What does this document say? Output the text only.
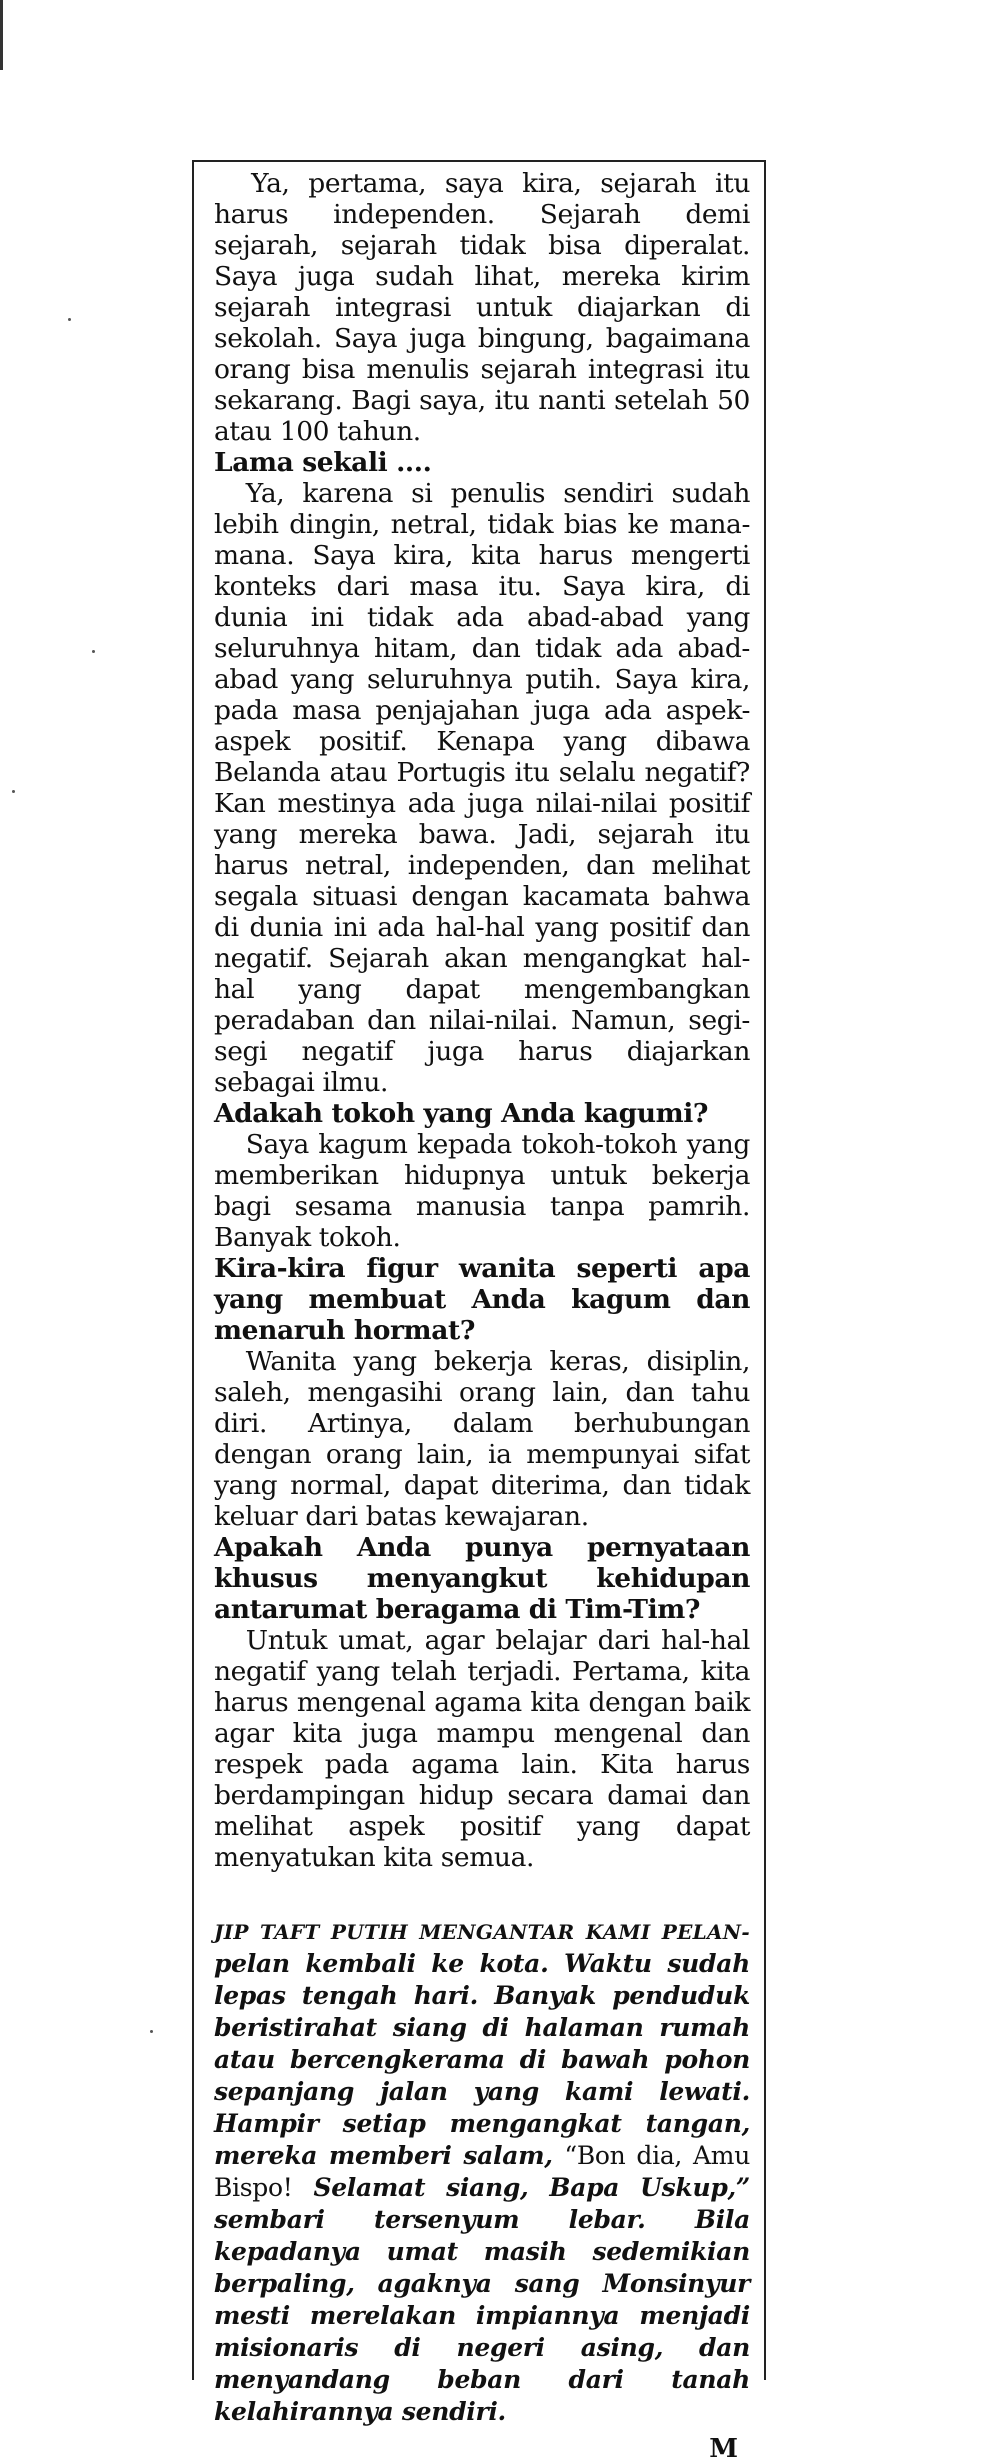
Ya, pertama, saya kira, sejarah itu harus independen. Sejarah demi sejarah, sejarah tidak bisa diperalat. Saya juga sudah lihat, mereka kirim sejarah integrasi untuk diajarkan di sekolah. Saya juga bingung, bagaimana orang bisa menulis sejarah integrasi itu sekarang. Bagi saya, itu nanti setelah 50 atau 100 tahun.

Lama sekali ....

Ya, karena si penulis sendiri sudah lebih dingin, netral, tidak bias ke mana-mana. Saya kira, kita harus mengerti konteks dari masa itu. Saya kira, di dunia ini tidak ada abad-abad yang seluruhnya hitam, dan tidak ada abad-abad yang seluruhnya putih. Saya kira, pada masa penjajahan juga ada aspek-aspek positif. Kenapa yang dibawa Belanda atau Portugis itu selalu negatif? Kan mestinya ada juga nilai-nilai positif yang mereka bawa. Jadi, sejarah itu harus netral, independen, dan melihat segala situasi dengan kacamata bahwa di dunia ini ada hal-hal yang positif dan negatif. Sejarah akan mengangkat hal-hal yang dapat mengembangkan peradaban dan nilai-nilai. Namun, segi-segi negatif juga harus diajarkan sebagai ilmu.

Adakah tokoh yang Anda kagumi?

Saya kagum kepada tokoh-tokoh yang memberikan hidupnya untuk bekerja bagi sesama manusia tanpa pamrih. Banyak tokoh.

Kira-kira figur wanita seperti apa yang membuat Anda kagum dan menaruh hormat?

Wanita yang bekerja keras, disiplin, saleh, mengasihi orang lain, dan tahu diri. Artinya, dalam berhubungan dengan orang lain, ia mempunyai sifat yang normal, dapat diterima, dan tidak keluar dari batas kewajaran.

Apakah Anda punya pernyataan khusus menyangkut kehidupan antarumat beragama di Tim-Tim?

Untuk umat, agar belajar dari hal-hal negatif yang telah terjadi. Pertama, kita harus mengenal agama kita dengan baik agar kita juga mampu mengenal dan respek pada agama lain. Kita harus berdampingan hidup secara damai dan melihat aspek positif yang dapat menyatukan kita semua.

JIP TAFT PUTIH MENGANTAR KAMI PELAN-pelan kembali ke kota. Waktu sudah lepas tengah hari. Banyak penduduk beristirahat siang di halaman rumah atau bercengkerama di bawah pohon sepanjang jalan yang kami lewati. Hampir setiap mengangkat tangan, mereka memberi salam, “Bon dia, Amu Bispo! Selamat siang, Bapa Uskup,” sembari tersenyum lebar. Bila kepadanya umat masih sedemikian berpaling, agaknya sang Monsinyur mesti merelakan impiannya menjadi misionaris di negeri asing, dan menyandang beban dari tanah kelahirannya sendiri.
M
